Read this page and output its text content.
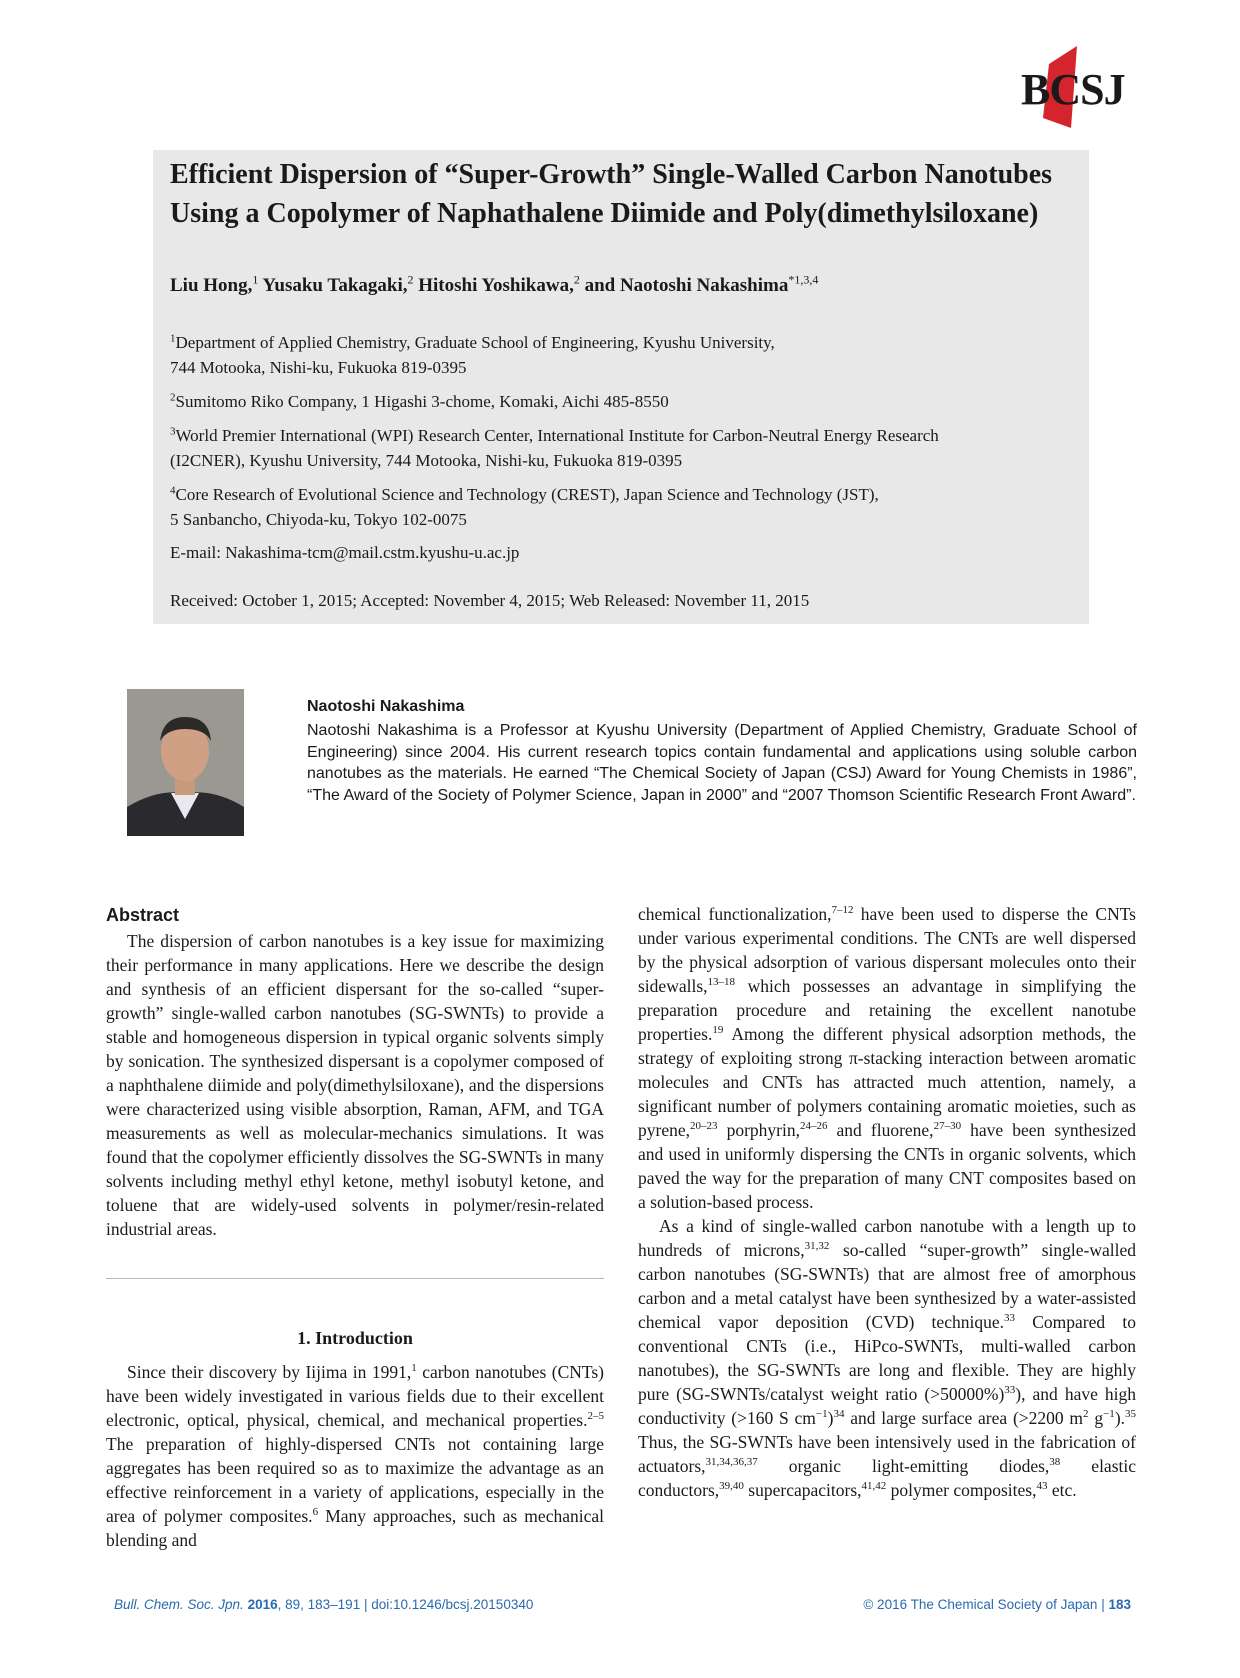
BCSJ
Efficient Dispersion of “Super-Growth” Single-Walled Carbon Nanotubes
Using a Copolymer of Naphathalene Diimide and Poly(dimethylsiloxane)
Liu Hong,$^1$ Yusaku Takagaki,$^2$ Hitoshi Yoshikawa,$^2$ and Naotoshi Nakashima$^{*1,3,4}$
$^1$Department of Applied Chemistry, Graduate School of Engineering, Kyushu University,
744 Motooka, Nishi-ku, Fukuoka 819-0395
$^2$Sumitomo Riko Company, 1 Higashi 3-chome, Komaki, Aichi 485-8550
$^3$World Premier International (WPI) Research Center, International Institute for Carbon-Neutral Energy Research
(I2CNER), Kyushu University, 744 Motooka, Nishi-ku, Fukuoka 819-0395
$^4$Core Research of Evolutional Science and Technology (CREST), Japan Science and Technology (JST),
5 Sanbancho, Chiyoda-ku, Tokyo 102-0075
E-mail: Nakashima-tcm@mail.cstm.kyushu-u.ac.jp
Received: October 1, 2015; Accepted: November 4, 2015; Web Released: November 11, 2015
Naotoshi Nakashima
Naotoshi Nakashima is a Professor at Kyushu University (Department of Applied Chemistry, Graduate School of Engineering) since 2004. His current research topics contain fundamental and applications using soluble carbon nanotubes as the materials. He earned “The Chemical Society of Japan (CSJ) Award for Young Chemists in 1986”, “The Award of the Society of Polymer Science, Japan in 2000” and “2007 Thomson Scientific Research Front Award”.
Abstract

The dispersion of carbon nanotubes is a key issue for maximizing their performance in many applications. Here we describe the design and synthesis of an efficient dispersant for the so-called “super-growth” single-walled carbon nanotubes (SG-SWNTs) to provide a stable and homogeneous dispersion in typical organic solvents simply by sonication. The synthesized dispersant is a copolymer composed of a naphthalene diimide and poly(dimethylsiloxane), and the dispersions were characterized using visible absorption, Raman, AFM, and TGA measurements as well as molecular-mechanics simulations. It was found that the copolymer efficiently dissolves the SG-SWNTs in many solvents including methyl ethyl ketone, methyl isobutyl ketone, and toluene that are widely-used solvents in polymer/resin-related industrial areas.

1. Introduction

Since their discovery by Iijima in 1991,$^1$ carbon nanotubes (CNTs) have been widely investigated in various fields due to their excellent electronic, optical, physical, chemical, and mechanical properties.$^{2-5}$ The preparation of highly-dispersed CNTs not containing large aggregates has been required so as to maximize the advantage as an effective reinforcement in a variety of applications, especially in the area of polymer composites.$^6$ Many approaches, such as mechanical blending and

chemical functionalization,$^{7-12}$ have been used to disperse the CNTs under various experimental conditions. The CNTs are well dispersed by the physical adsorption of various dispersant molecules onto their sidewalls,$^{13-18}$ which possesses an advantage in simplifying the preparation procedure and retaining the excellent nanotube properties.$^{19}$ Among the different physical adsorption methods, the strategy of exploiting strong π-stacking interaction between aromatic molecules and CNTs has attracted much attention, namely, a significant number of polymers containing aromatic moieties, such as pyrene,$^{20-23}$ porphyrin,$^{24-26}$ and fluorene,$^{27-30}$ have been synthesized and used in uniformly dispersing the CNTs in organic solvents, which paved the way for the preparation of many CNT composites based on a solution-based process.

As a kind of single-walled carbon nanotube with a length up to hundreds of microns,$^{31,32}$ so-called “super-growth” single-walled carbon nanotubes (SG-SWNTs) that are almost free of amorphous carbon and a metal catalyst have been synthesized by a water-assisted chemical vapor deposition (CVD) technique.$^{33}$ Compared to conventional CNTs (i.e., HiPco-SWNTs, multi-walled carbon nanotubes), the SG-SWNTs are long and flexible. They are highly pure (SG-SWNTs/catalyst weight ratio (>50000%)$^{33}$), and have high conductivity (>160 S $cm^{-1})^{34}$ and large surface area (>2200 $m^2$ $g^{-1}).^{35}$ Thus, the SG-SWNTs have been intensively used in the fabrication of actuators,$^{31,34,36,37}$ organic light-emitting diodes,$^{38}$ elastic conductors,$^{39,40}$ supercapacitors,$^{41,42}$ polymer composites,$^{43}$ etc.

Bull. Chem. Soc. Jpn. 2016, 89, 183–191 | doi:10.1246/bcsj.20150340	© 2016 The Chemical Society of Japan | 183
